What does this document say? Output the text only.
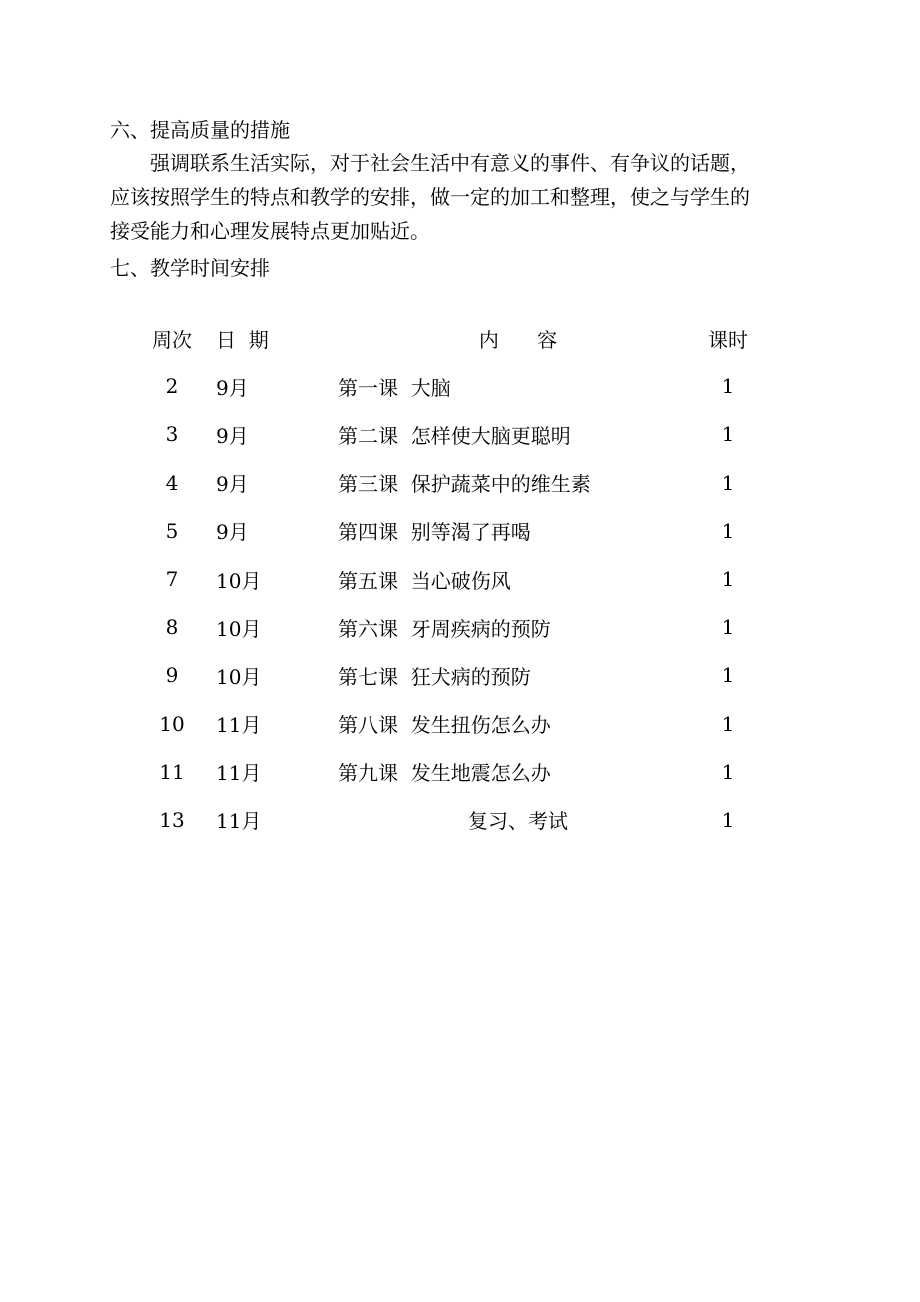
六、提高质量的措施
强调联系生活实际，对于社会生活中有意义的事件、有争议的话题，
应该按照学生的特点和教学的安排，做一定的加工和整理，使之与学生的
接受能力和心理发展特点更加贴近。
七、教学时间安排
周次	日  期	内      容	课时
2	9月	第一课  大脑	1
3	9月	第二课  怎样使大脑更聪明	1
4	9月	第三课  保护蔬菜中的维生素	1
5	9月	第四课  别等渴了再喝	1
7	10月	第五课  当心破伤风	1
8	10月	第六课  牙周疾病的预防	1
9	10月	第七课  狂犬病的预防	1
10	11月	第八课  发生扭伤怎么办	1
11	11月	第九课  发生地震怎么办	1
13	11月	复习、考试	1
